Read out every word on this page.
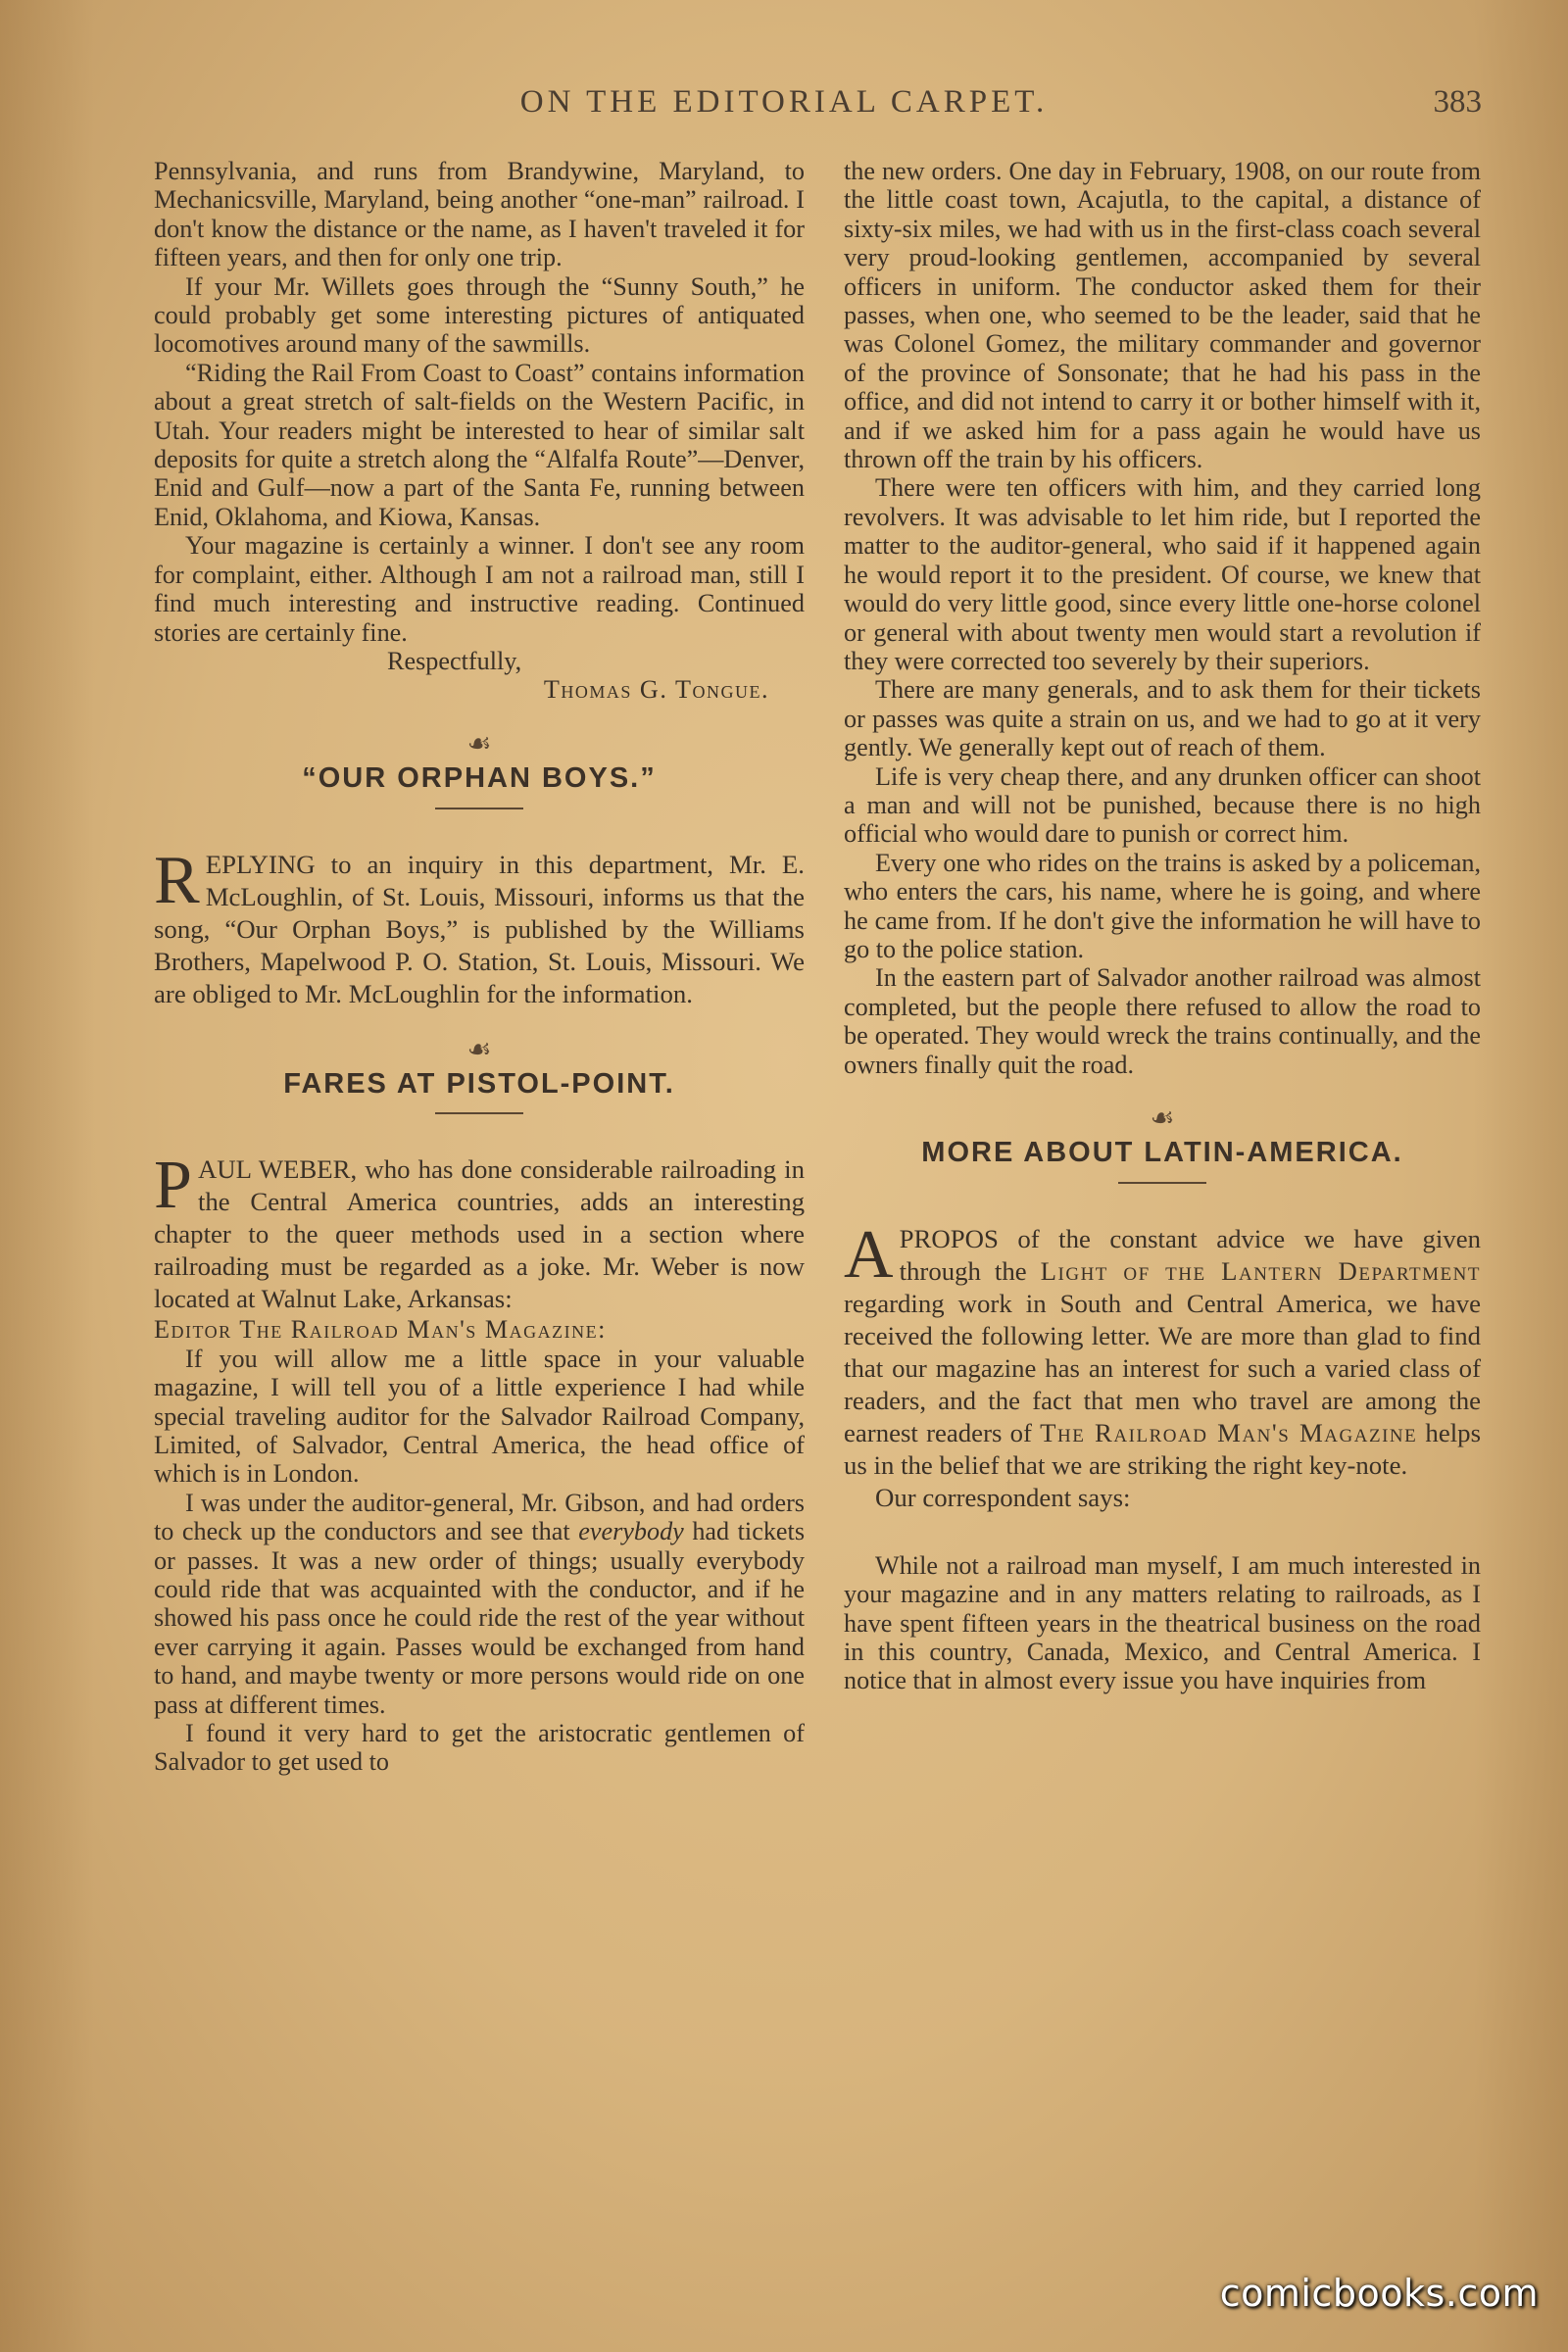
ON THE EDITORIAL CARPET.	383

Pennsylvania, and runs from Brandywine, Maryland, to Mechanicsville, Maryland, being another “one-man” railroad. I don't know the distance or the name, as I haven't traveled it for fifteen years, and then for only one trip.

If your Mr. Willets goes through the “Sunny South,” he could probably get some interesting pictures of antiquated locomotives around many of the sawmills.

“Riding the Rail From Coast to Coast” contains information about a great stretch of salt-fields on the Western Pacific, in Utah. Your readers might be interested to hear of similar salt deposits for quite a stretch along the “Alfalfa Route”—Denver, Enid and Gulf—now a part of the Santa Fe, running between Enid, Oklahoma, and Kiowa, Kansas.

Your magazine is certainly a winner. I don't see any room for complaint, either. Although I am not a railroad man, still I find much interesting and instructive reading. Continued stories are certainly fine.

Respectfully,
Thomas G. Tongue.
☙
“OUR ORPHAN BOYS.”

REPLYING to an inquiry in this department, Mr. E. McLoughlin, of St. Louis, Missouri, informs us that the song, “Our Orphan Boys,” is published by the Williams Brothers, Mapelwood P. O. Station, St. Louis, Missouri. We are obliged to Mr. McLoughlin for the information.

☙
FARES AT PISTOL-POINT.

PAUL WEBER, who has done considerable railroading in the Central America countries, adds an interesting chapter to the queer methods used in a section where railroading must be regarded as a joke. Mr. Weber is now located at Walnut Lake, Arkansas:

Editor The Railroad Man's Magazine:

If you will allow me a little space in your valuable magazine, I will tell you of a little experience I had while special traveling auditor for the Salvador Railroad Company, Limited, of Salvador, Central America, the head office of which is in London.

I was under the auditor-general, Mr. Gibson, and had orders to check up the conductors and see that everybody had tickets or passes. It was a new order of things; usually everybody could ride that was acquainted with the conductor, and if he showed his pass once he could ride the rest of the year without ever carrying it again. Passes would be exchanged from hand to hand, and maybe twenty or more persons would ride on one pass at different times.

I found it very hard to get the aristocratic gentlemen of Salvador to get used to

the new orders. One day in February, 1908, on our route from the little coast town, Acajutla, to the capital, a distance of sixty-six miles, we had with us in the first-class coach several very proud-looking gentlemen, accompanied by several officers in uniform. The conductor asked them for their passes, when one, who seemed to be the leader, said that he was Colonel Gomez, the military commander and governor of the province of Sonsonate; that he had his pass in the office, and did not intend to carry it or bother himself with it, and if we asked him for a pass again he would have us thrown off the train by his officers.

There were ten officers with him, and they carried long revolvers. It was advisable to let him ride, but I reported the matter to the auditor-general, who said if it happened again he would report it to the president. Of course, we knew that would do very little good, since every little one-horse colonel or general with about twenty men would start a revolution if they were corrected too severely by their superiors.

There are many generals, and to ask them for their tickets or passes was quite a strain on us, and we had to go at it very gently. We generally kept out of reach of them.

Life is very cheap there, and any drunken officer can shoot a man and will not be punished, because there is no high official who would dare to punish or correct him.

Every one who rides on the trains is asked by a policeman, who enters the cars, his name, where he is going, and where he came from. If he don't give the information he will have to go to the police station.

In the eastern part of Salvador another railroad was almost completed, but the people there refused to allow the road to be operated. They would wreck the trains continually, and the owners finally quit the road.

☙
MORE ABOUT LATIN-AMERICA.

APROPOS of the constant advice we have given through the Light of the Lantern Department regarding work in South and Central America, we have received the following letter. We are more than glad to find that our magazine has an interest for such a varied class of readers, and the fact that men who travel are among the earnest readers of The Railroad Man's Magazine helps us in the belief that we are striking the right key-note.

Our correspondent says:

While not a railroad man myself, I am much interested in your magazine and in any matters relating to railroads, as I have spent fifteen years in the theatrical business on the road in this country, Canada, Mexico, and Central America. I notice that in almost every issue you have inquiries from

comicbooks.com
